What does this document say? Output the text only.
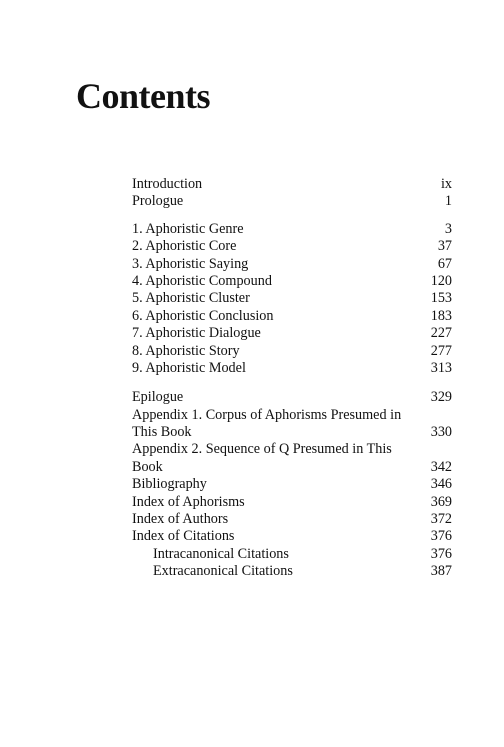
Contents
Introduction	ix
Prologue	1
1. Aphoristic Genre	3
2. Aphoristic Core	37
3. Aphoristic Saying	67
4. Aphoristic Compound	120
5. Aphoristic Cluster	153
6. Aphoristic Conclusion	183
7. Aphoristic Dialogue	227
8. Aphoristic Story	277
9. Aphoristic Model	313
Epilogue	329
Appendix 1. Corpus of Aphorisms Presumed in This Book	330
Appendix 2. Sequence of Q Presumed in This Book	342
Bibliography	346
Index of Aphorisms	369
Index of Authors	372
Index of Citations	376
Intracanonical Citations	376
Extracanonical Citations	387
